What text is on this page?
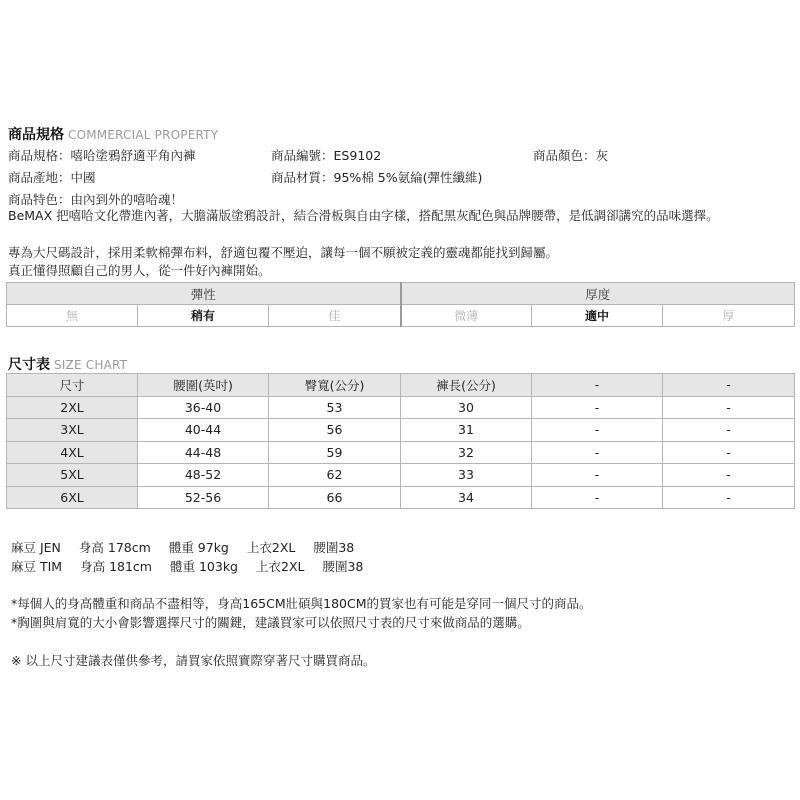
商品規格 COMMERCIAL PROPERTY
商品規格：嘻哈塗鴉舒適平角內褲	商品編號：ES9102	商品顏色：灰
商品產地：中國	商品材質：95%棉 5%氨綸(彈性纖維)
商品特色：由內到外的嘻哈魂！
BeMAX 把嘻哈文化帶進內著，大膽滿版塗鴉設計，結合滑板與自由字樣，搭配黑灰配色與品牌腰帶，是低調卻講究的品味選擇。
專為大尺碼設計，採用柔軟棉彈布料，舒適包覆不壓迫，讓每一個不願被定義的靈魂都能找到歸屬。
真正懂得照顧自己的男人，從一件好內褲開始。
彈性			厚度		
無	稍有	佳	微薄	適中	厚
尺寸表 SIZE CHART
尺寸	腰圍(英吋)	臀寬(公分)	褲長(公分)	-	-
2XL	36-40	53	30	-	-
3XL	40-44	56	31	-	-
4XL	44-48	59	32	-	-
5XL	48-52	62	33	-	-
6XL	52-56	66	34	-	-
麻豆 JEN 身高 178cm 體重 97kg 上衣2XL 腰圍38
麻豆 TIM 身高 181cm 體重 103kg 上衣2XL 腰圍38
*每個人的身高體重和商品不盡相等，身高165CM壯碩與180CM的買家也有可能是穿同一個尺寸的商品。
*胸圍與肩寬的大小會影響選擇尺寸的關鍵，建議買家可以依照尺寸表的尺寸來做商品的選購。
※ 以上尺寸建議表僅供參考，請買家依照實際穿著尺寸購買商品。
